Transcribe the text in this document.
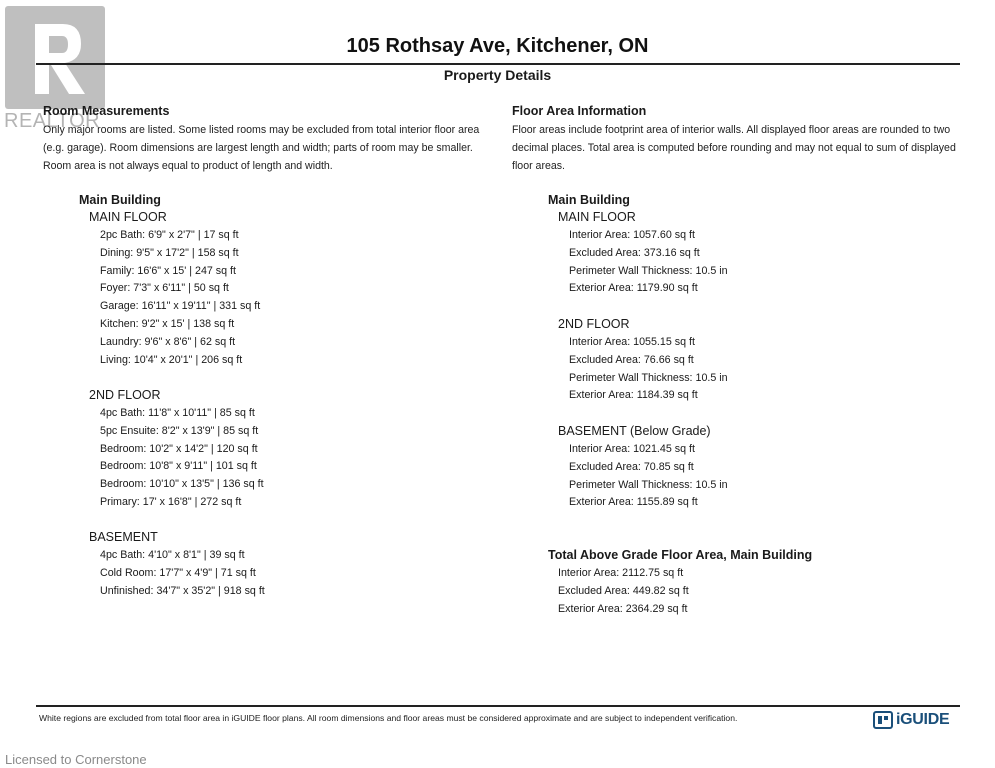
REALTOR
105 Rothsay Ave, Kitchener, ON
Property Details
Room Measurements
Only major rooms are listed. Some listed rooms may be excluded from total interior floor area
(e.g. garage). Room dimensions are largest length and width; parts of room may be smaller.
Room area is not always equal to product of length and width.
Main Building
MAIN FLOOR
2pc Bath: 6'9" x 2'7" | 17 sq ft
Dining: 9'5" x 17'2" | 158 sq ft
Family: 16'6" x 15' | 247 sq ft
Foyer: 7'3" x 6'11" | 50 sq ft
Garage: 16'11" x 19'11" | 331 sq ft
Kitchen: 9'2" x 15' | 138 sq ft
Laundry: 9'6" x 8'6" | 62 sq ft
Living: 10'4" x 20'1" | 206 sq ft
2ND FLOOR
4pc Bath: 11'8" x 10'11" | 85 sq ft
5pc Ensuite: 8'2" x 13'9" | 85 sq ft
Bedroom: 10'2" x 14'2" | 120 sq ft
Bedroom: 10'8" x 9'11" | 101 sq ft
Bedroom: 10'10" x 13'5" | 136 sq ft
Primary: 17' x 16'8" | 272 sq ft
BASEMENT
4pc Bath: 4'10" x 8'1" | 39 sq ft
Cold Room: 17'7" x 4'9" | 71 sq ft
Unfinished: 34'7" x 35'2" | 918 sq ft
Floor Area Information
Floor areas include footprint area of interior walls. All displayed floor areas are rounded to two
decimal places. Total area is computed before rounding and may not equal to sum of displayed
floor areas.
Main Building
MAIN FLOOR
Interior Area: 1057.60 sq ft
Excluded Area: 373.16 sq ft
Perimeter Wall Thickness: 10.5 in
Exterior Area: 1179.90 sq ft
2ND FLOOR
Interior Area: 1055.15 sq ft
Excluded Area: 76.66 sq ft
Perimeter Wall Thickness: 10.5 in
Exterior Area: 1184.39 sq ft
BASEMENT (Below Grade)
Interior Area: 1021.45 sq ft
Excluded Area: 70.85 sq ft
Perimeter Wall Thickness: 10.5 in
Exterior Area: 1155.89 sq ft
Total Above Grade Floor Area, Main Building
Interior Area: 2112.75 sq ft
Excluded Area: 449.82 sq ft
Exterior Area: 2364.29 sq ft
White regions are excluded from total floor area in iGUIDE floor plans. All room dimensions and floor areas must be considered approximate and are subject to independent verification.	iGUIDE
Licensed to Cornerstone
